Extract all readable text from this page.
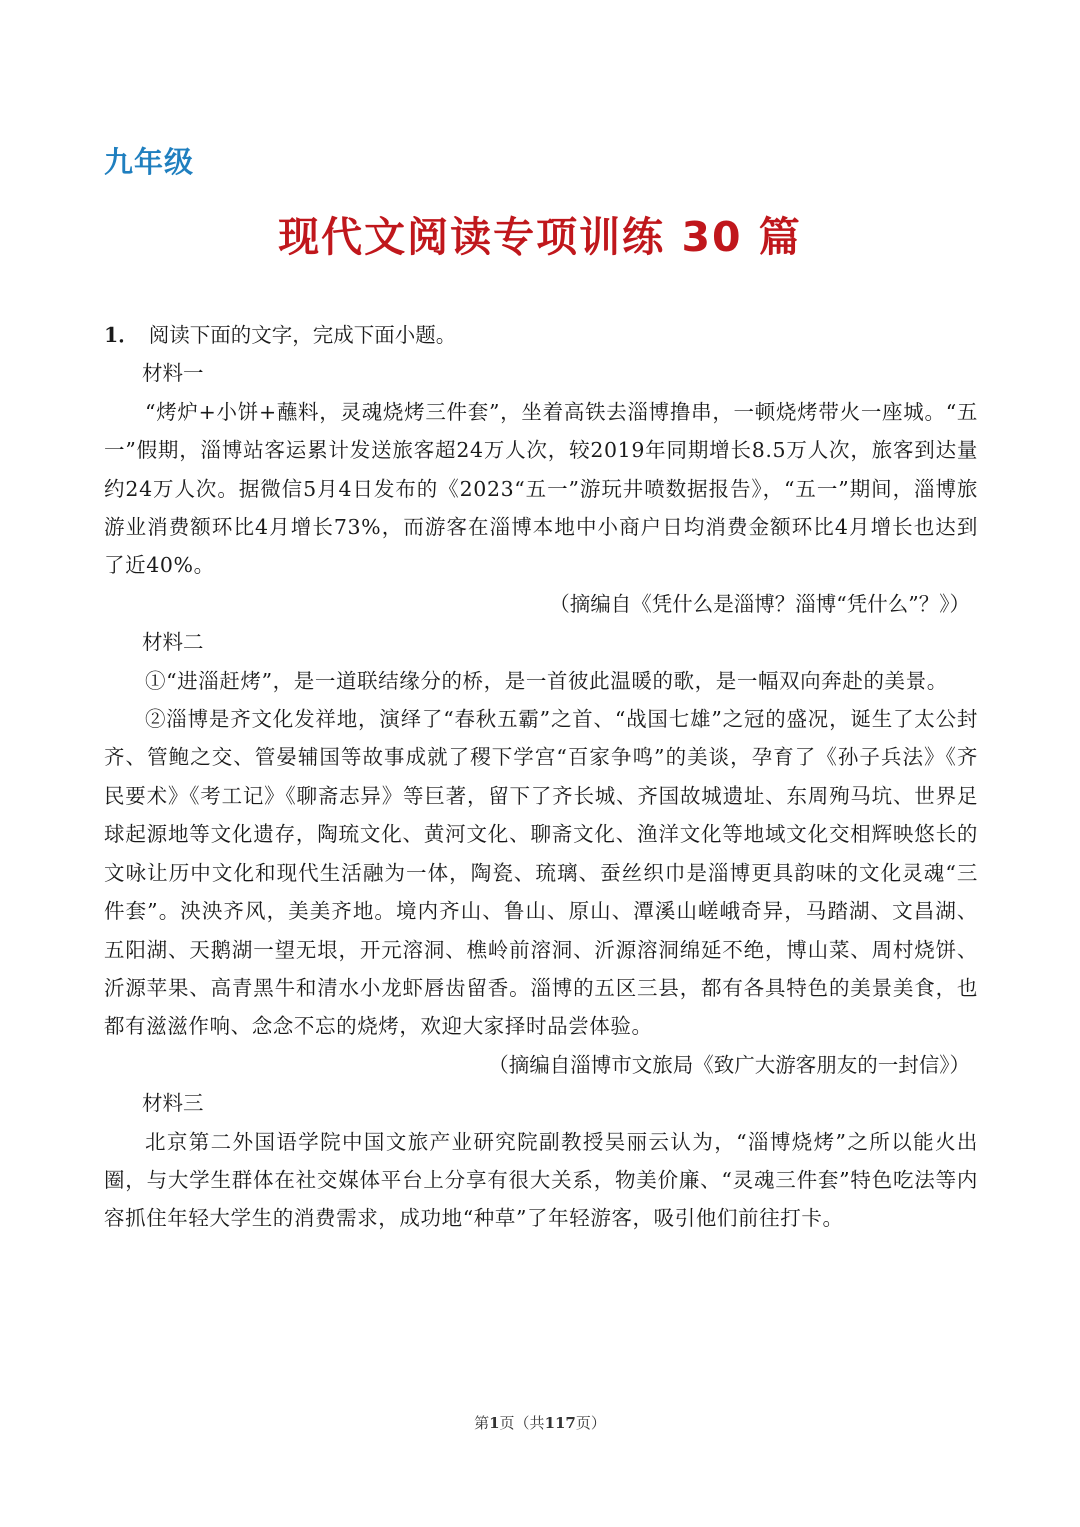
九年级
现代文阅读专项训练 30 篇

1． 阅读下面的文字，完成下面小题。

材料一

“烤炉+小饼+蘸料，灵魂烧烤三件套”，坐着高铁去淄博撸串，一顿烧烤带火一座城。“五一”假期，淄博站客运累计发送旅客超24万人次，较2019年同期增长8.5万人次，旅客到达量约24万人次。据微信5月4日发布的《2023“五一”游玩井喷数据报告》，“五一”期间，淄博旅游业消费额环比4月增长73%，而游客在淄博本地中小商户日均消费金额环比4月增长也达到了近40%。

（摘编自《凭什么是淄博？淄博“凭什么”？》）

材料二

①“进淄赶烤”，是一道联结缘分的桥，是一首彼此温暖的歌，是一幅双向奔赴的美景。

②淄博是齐文化发祥地，演绎了“春秋五霸”之首、“战国七雄”之冠的盛况，诞生了太公封齐、管鲍之交、管晏辅国等故事成就了稷下学宫“百家争鸣”的美谈，孕育了《孙子兵法》《齐民要术》《考工记》《聊斋志异》等巨著，留下了齐长城、齐国故城遗址、东周殉马坑、世界足球起源地等文化遗存，陶琉文化、黄河文化、聊斋文化、渔洋文化等地域文化交相辉映悠长的文咏让历中文化和现代生活融为一体，陶瓷、琉璃、蚕丝织巾是淄博更具韵味的文化灵魂“三件套”。泱泱齐风，美美齐地。境内齐山、鲁山、原山、潭溪山嵯峨奇异，马踏湖、文昌湖、五阳湖、天鹅湖一望无垠，开元溶洞、樵岭前溶洞、沂源溶洞绵延不绝，博山菜、周村烧饼、沂源苹果、高青黑牛和清水小龙虾唇齿留香。淄博的五区三县，都有各具特色的美景美食，也都有滋滋作响、念念不忘的烧烤，欢迎大家择时品尝体验。

（摘编自淄博市文旅局《致广大游客朋友的一封信》）

材料三

北京第二外国语学院中国文旅产业研究院副教授吴丽云认为，“淄博烧烤”之所以能火出圈，与大学生群体在社交媒体平台上分享有很大关系，物美价廉、“灵魂三件套”特色吃法等内容抓住年轻大学生的消费需求，成功地“种草”了年轻游客，吸引他们前往打卡。

第1页（共117页）
